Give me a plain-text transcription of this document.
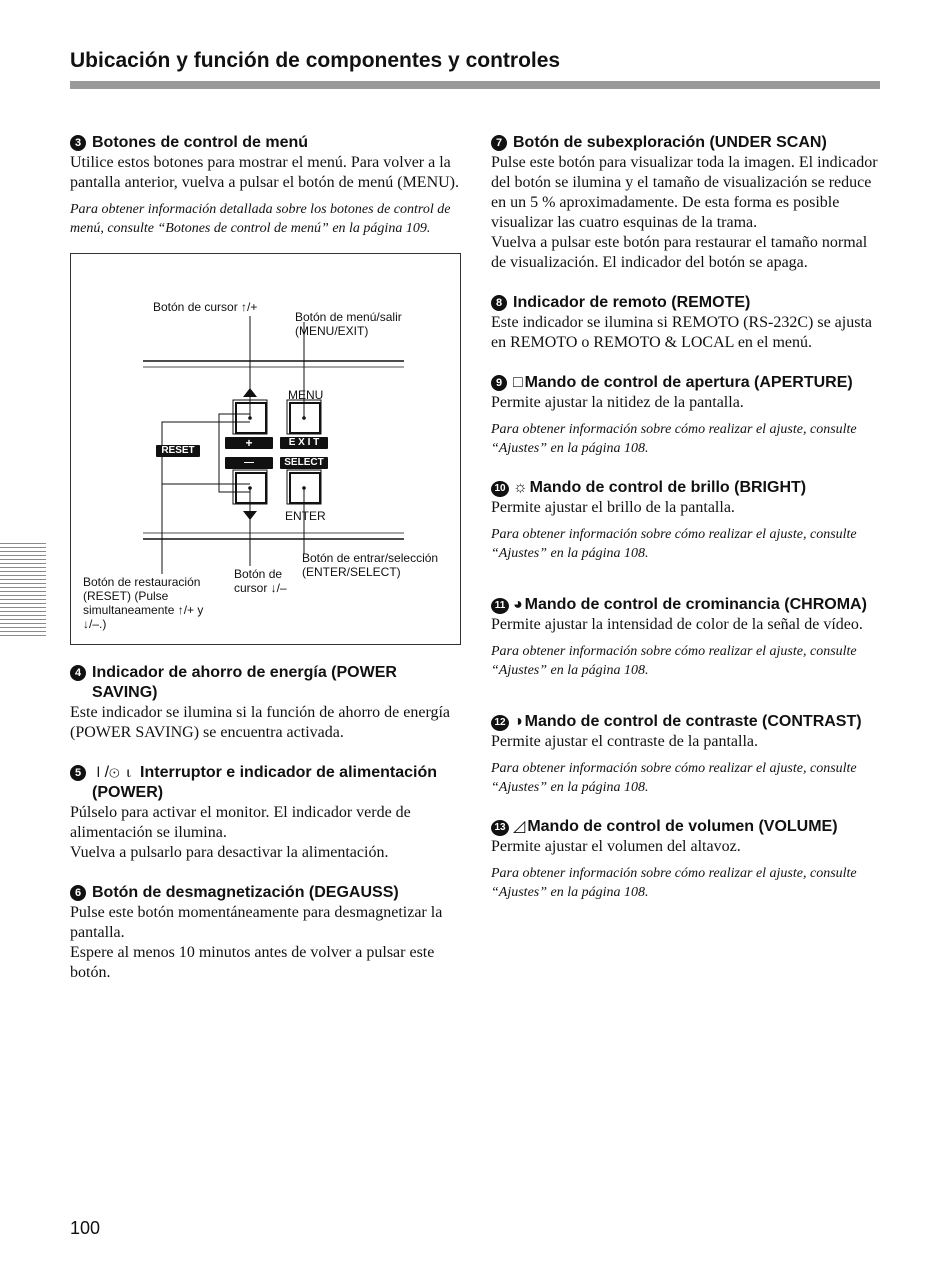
Ubicación y función de componentes y controles
3 Botones de control de menú

Utilice estos botones para mostrar el menú. Para volver a la pantalla anterior, vuelva a pulsar el botón de menú (MENU).

Para obtener información detallada sobre los botones de control de menú, consulte “Botones de control de menú” en la página 109.

Botón de cursor ↑/+
Botón de menú/salir (MENU/EXIT)
MENU
+	E X I T
RESET
—	SELECT
ENTER
Botón de entrar/selección (ENTER/SELECT)
Botón de cursor ↓/–
Botón de restauración (RESET) (Pulse simultaneamente ↑/+ y ↓/–.)
4 Indicador de ahorro de energía (POWER SAVING)

Este indicador se ilumina si la función de ahorro de energía (POWER SAVING) se encuentra activada.

5 ⏽/⊙ ⍳ Interruptor e indicador de alimentación (POWER)

Púlselo para activar el monitor. El indicador verde de alimentación se ilumina.

Vuelva a pulsarlo para desactivar la alimentación.

6 Botón de desmagnetización (DEGAUSS)

Pulse este botón momentáneamente para desmagnetizar la pantalla.

Espere al menos 10 minutos antes de volver a pulsar este botón.

7 Botón de subexploración (UNDER SCAN)

Pulse este botón para visualizar toda la imagen. El indicador del botón se ilumina y el tamaño de visualización se reduce en un 5 % aproximadamente. De esta forma es posible visualizar las cuatro esquinas de la trama.

Vuelva a pulsar este botón para restaurar el tamaño normal de visualización. El indicador del botón se apaga.

8 Indicador de remoto (REMOTE)

Este indicador se ilumina si REMOTO (RS-232C) se ajusta en REMOTO o REMOTO & LOCAL en el menú.

9 □ Mando de control de apertura (APERTURE)

Permite ajustar la nitidez de la pantalla.

Para obtener información sobre cómo realizar el ajuste, consulte “Ajustes” en la página 108.

10 ☼ Mando de control de brillo (BRIGHT)

Permite ajustar el brillo de la pantalla.

Para obtener información sobre cómo realizar el ajuste, consulte “Ajustes” en la página 108.

11 ◕ Mando de control de crominancia (CHROMA)

Permite ajustar la intensidad de color de la señal de vídeo.

Para obtener información sobre cómo realizar el ajuste, consulte “Ajustes” en la página 108.

12 ◑ Mando de control de contraste (CONTRAST)

Permite ajustar el contraste de la pantalla.

Para obtener información sobre cómo realizar el ajuste, consulte “Ajustes” en la página 108.

13 ◿ Mando de control de volumen (VOLUME)

Permite ajustar el volumen del altavoz.

Para obtener información sobre cómo realizar el ajuste, consulte “Ajustes” en la página 108.

100
